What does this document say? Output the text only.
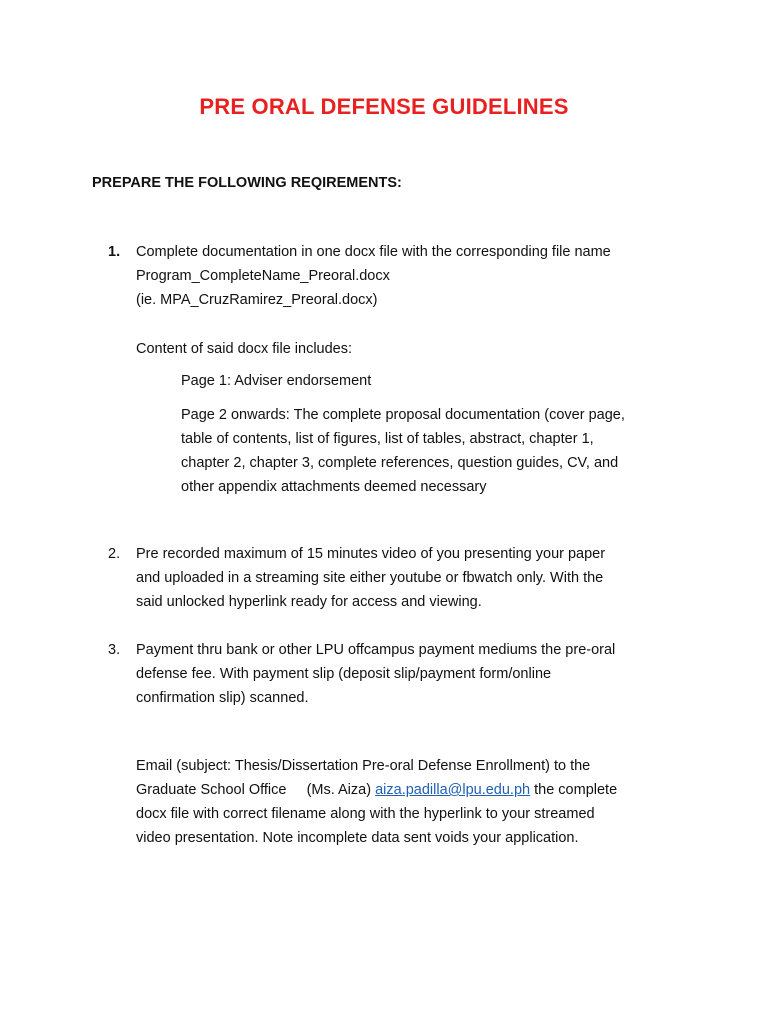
PRE ORAL DEFENSE GUIDELINES
PREPARE THE FOLLOWING REQIREMENTS:
1.	Complete documentation in one docx file with the corresponding file name
Program_CompleteName_Preoral.docx
(ie. MPA_CruzRamirez_Preoral.docx)
Content of said docx file includes:
Page 1: Adviser endorsement
Page 2 onwards: The complete proposal documentation (cover page,
table of contents, list of figures, list of tables, abstract, chapter 1,
chapter 2, chapter 3, complete references, question guides, CV, and
other appendix attachments deemed necessary
2.	Pre recorded maximum of 15 minutes video of you presenting your paper
and uploaded in a streaming site either youtube or fbwatch only. With the
said unlocked hyperlink ready for access and viewing.
3.	Payment thru bank or other LPU offcampus payment mediums the pre-oral
defense fee. With payment slip (deposit slip/payment form/online
confirmation slip) scanned.
Email (subject: Thesis/Dissertation Pre-oral Defense Enrollment) to the
Graduate School Office     (Ms. Aiza) aiza.padilla@lpu.edu.ph the complete
docx file with correct filename along with the hyperlink to your streamed
video presentation. Note incomplete data sent voids your application.
